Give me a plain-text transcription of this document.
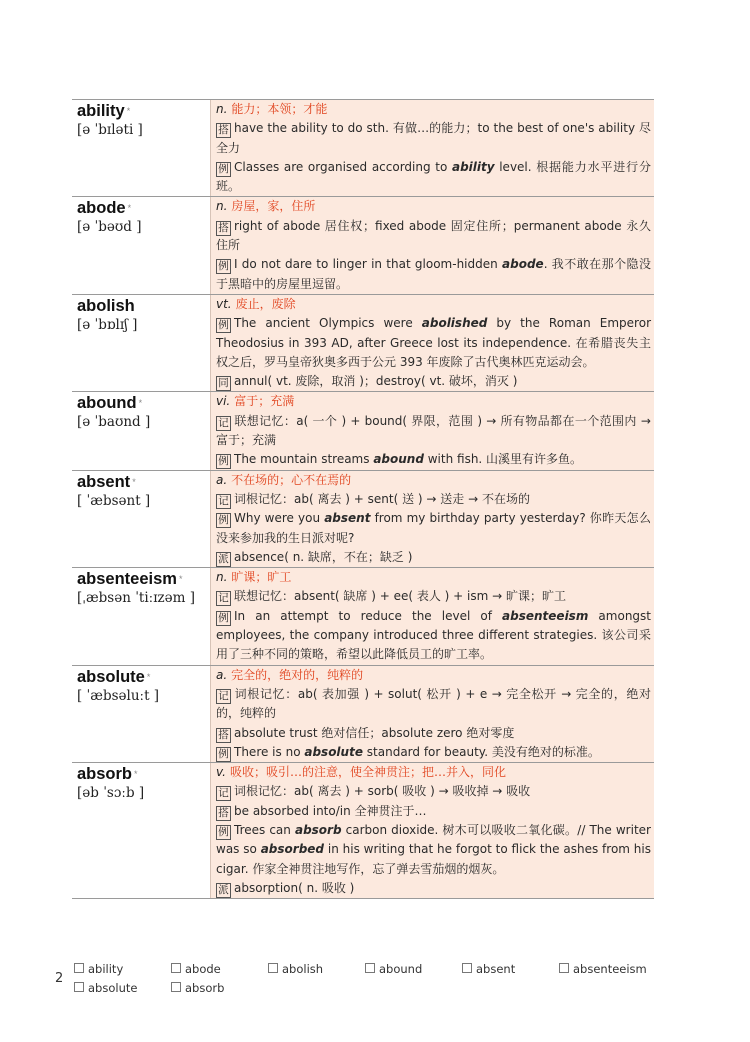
ability *
[ə ˈbɪləti ]
n. 能力；本领；才能
搭 have the ability to do sth. 有做…的能力；to the best of one's ability 尽全力
例 Classes are organised according to ability level. 根据能力水平进行分班。
abode *
[ə ˈbəʊd ]
n. 房屋，家，住所
搭 right of abode 居住权；fixed abode 固定住所；permanent abode 永久住所
例 I do not dare to linger in that gloom-hidden abode. 我不敢在那个隐没于黑暗中的房屋里逗留。
abolish
[ə ˈbɒlɪʃ ]
vt. 废止，废除
例 The ancient Olympics were abolished by the Roman Emperor Theodosius in 393 AD, after Greece lost its independence. 在希腊丧失主权之后，罗马皇帝狄奥多西于公元 393 年废除了古代奥林匹克运动会。
同 annul( vt. 废除，取消 )；destroy( vt. 破坏，消灭 )
abound *
[ə ˈbaʊnd ]
vi. 富于；充满
记 联想记忆：a( 一个 ) + bound( 界限，范围 ) → 所有物品都在一个范围内 → 富于；充满
例 The mountain streams abound with fish. 山溪里有许多鱼。
absent *
[ ˈæbsənt ]
a. 不在场的；心不在焉的
记 词根记忆：ab( 离去 ) + sent( 送 ) → 送走 → 不在场的
例 Why were you absent from my birthday party yesterday? 你昨天怎么没来参加我的生日派对呢?
派 absence( n. 缺席，不在；缺乏 )
absenteeism *
[ˌæbsən ˈtiːɪzəm ]
n. 旷课；旷工
记 联想记忆：absent( 缺席 ) + ee( 表人 ) + ism → 旷课；旷工
例 In an attempt to reduce the level of absenteeism amongst employees, the company introduced three different strategies. 该公司采用了三种不同的策略，希望以此降低员工的旷工率。
absolute *
[ ˈæbsəluːt ]
a. 完全的，绝对的，纯粹的
记 词根记忆：ab( 表加强 ) + solut( 松开 ) + e → 完全松开 → 完全的，绝对的，纯粹的
搭 absolute trust 绝对信任；absolute zero 绝对零度
例 There is no absolute standard for beauty. 美没有绝对的标准。
absorb *
[əb ˈsɔːb ]
v. 吸收；吸引…的注意，使全神贯注；把…并入，同化
记 词根记忆：ab( 离去 ) + sorb( 吸收 ) → 吸收掉 → 吸收
搭 be absorbed into/in 全神贯注于…
例 Trees can absorb carbon dioxide. 树木可以吸收二氧化碳。// The writer was so absorbed in his writing that he forgot to flick the ashes from his cigar. 作家全神贯注地写作，忘了弹去雪茄烟的烟灰。
派 absorption( n. 吸收 )
2
ability	abode	abolish	abound	absent	absenteeism
absolute	absorb
